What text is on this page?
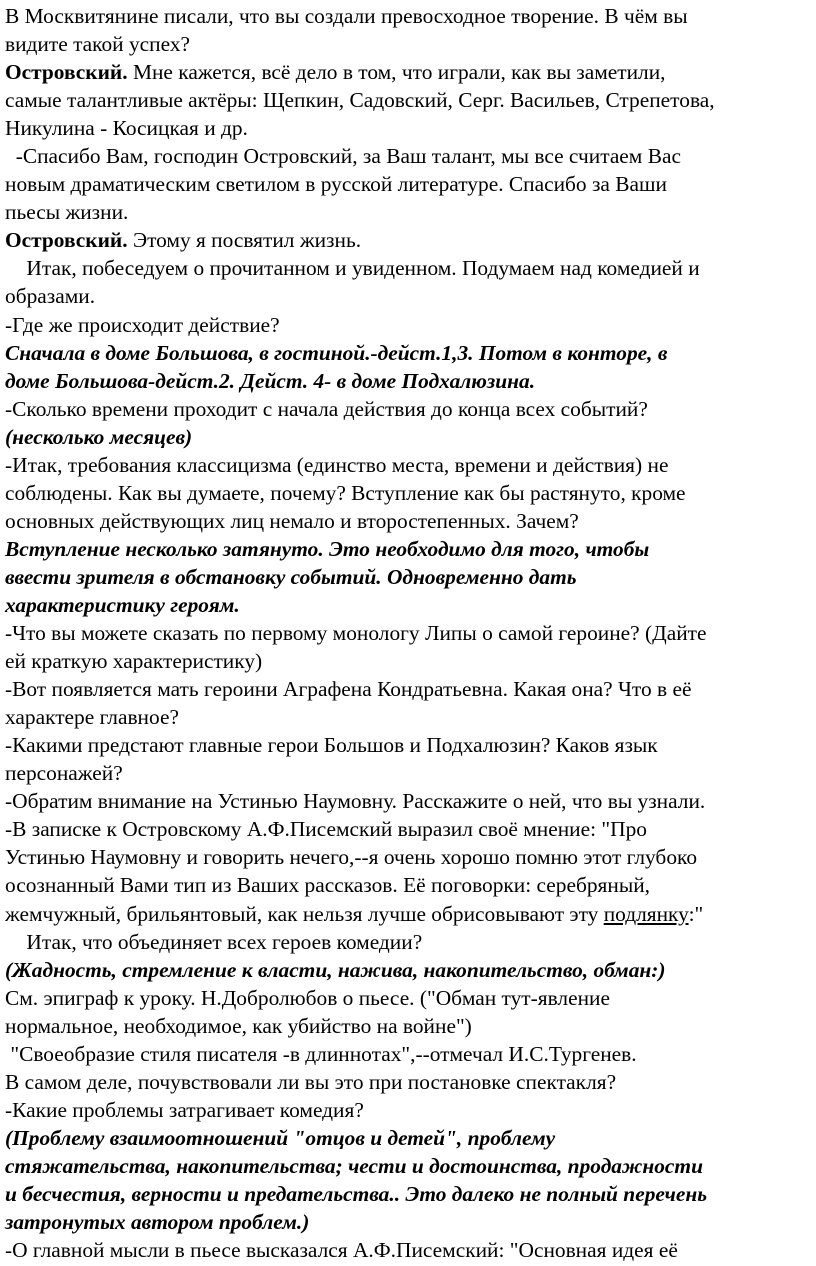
В Москвитянине писали, что вы создали превосходное творение. В чём вы
видите такой успех?
Островский. Мне кажется, всё дело в том, что играли, как вы заметили,
самые талантливые актёры: Щепкин, Садовский, Серг. Васильев, Стрепетова,
Никулина - Косицкая и др.
-Спасибо Вам, господин Островский, за Ваш талант, мы все считаем Вас
новым драматическим светилом в русской литературе. Спасибо за Ваши
пьесы жизни.
Островский. Этому я посвятил жизнь.
Итак, побеседуем о прочитанном и увиденном. Подумаем над комедией и
образами.
-Где же происходит действие?
Сначала в доме Большова, в гостиной.-дейст.1,3. Потом в конторе, в
доме Большова-дейст.2. Дейст. 4- в доме Подхалюзина.
-Сколько времени проходит с начала действия до конца всех событий?
(несколько месяцев)
-Итак, требования классицизма (единство места, времени и действия) не
соблюдены. Как вы думаете, почему? Вступление как бы растянуто, кроме
основных действующих лиц немало и второстепенных. Зачем?
Вступление несколько затянуто. Это необходимо для того, чтобы
ввести зрителя в обстановку событий. Одновременно дать
характеристику героям.
-Что вы можете сказать по первому монологу Липы о самой героине? (Дайте
ей краткую характеристику)
-Вот появляется мать героини Аграфена Кондратьевна. Какая она? Что в её
характере главное?
-Какими предстают главные герои Большов и Подхалюзин? Каков язык
персонажей?
-Обратим внимание на Устинью Наумовну. Расскажите о ней, что вы узнали.
-В записке к Островскому А.Ф.Писемский выразил своё мнение: "Про
Устинью Наумовну и говорить нечего,--я очень хорошо помню этот глубоко
осознанный Вами тип из Ваших рассказов. Её поговорки: серебряный,
жемчужный, брильянтовый, как нельзя лучше обрисовывают эту подлянку:"
Итак, что объединяет всех героев комедии?
(Жадность, стремление к власти, нажива, накопительство, обман:)
См. эпиграф к уроку. Н.Добролюбов о пьесе. ("Обман тут-явление
нормальное, необходимое, как убийство на войне")
"Своеобразие стиля писателя -в длиннотах",--отмечал И.С.Тургенев.
В самом деле, почувствовали ли вы это при постановке спектакля?
-Какие проблемы затрагивает комедия?
(Проблему взаимоотношений "отцов и детей", проблему
стяжательства, накопительства; чести и достоинства, продажности
и бесчестия, верности и предательства.. Это далеко не полный перечень
затронутых автором проблем.)
-О главной мысли в пьесе высказался А.Ф.Писемский: "Основная идея её
